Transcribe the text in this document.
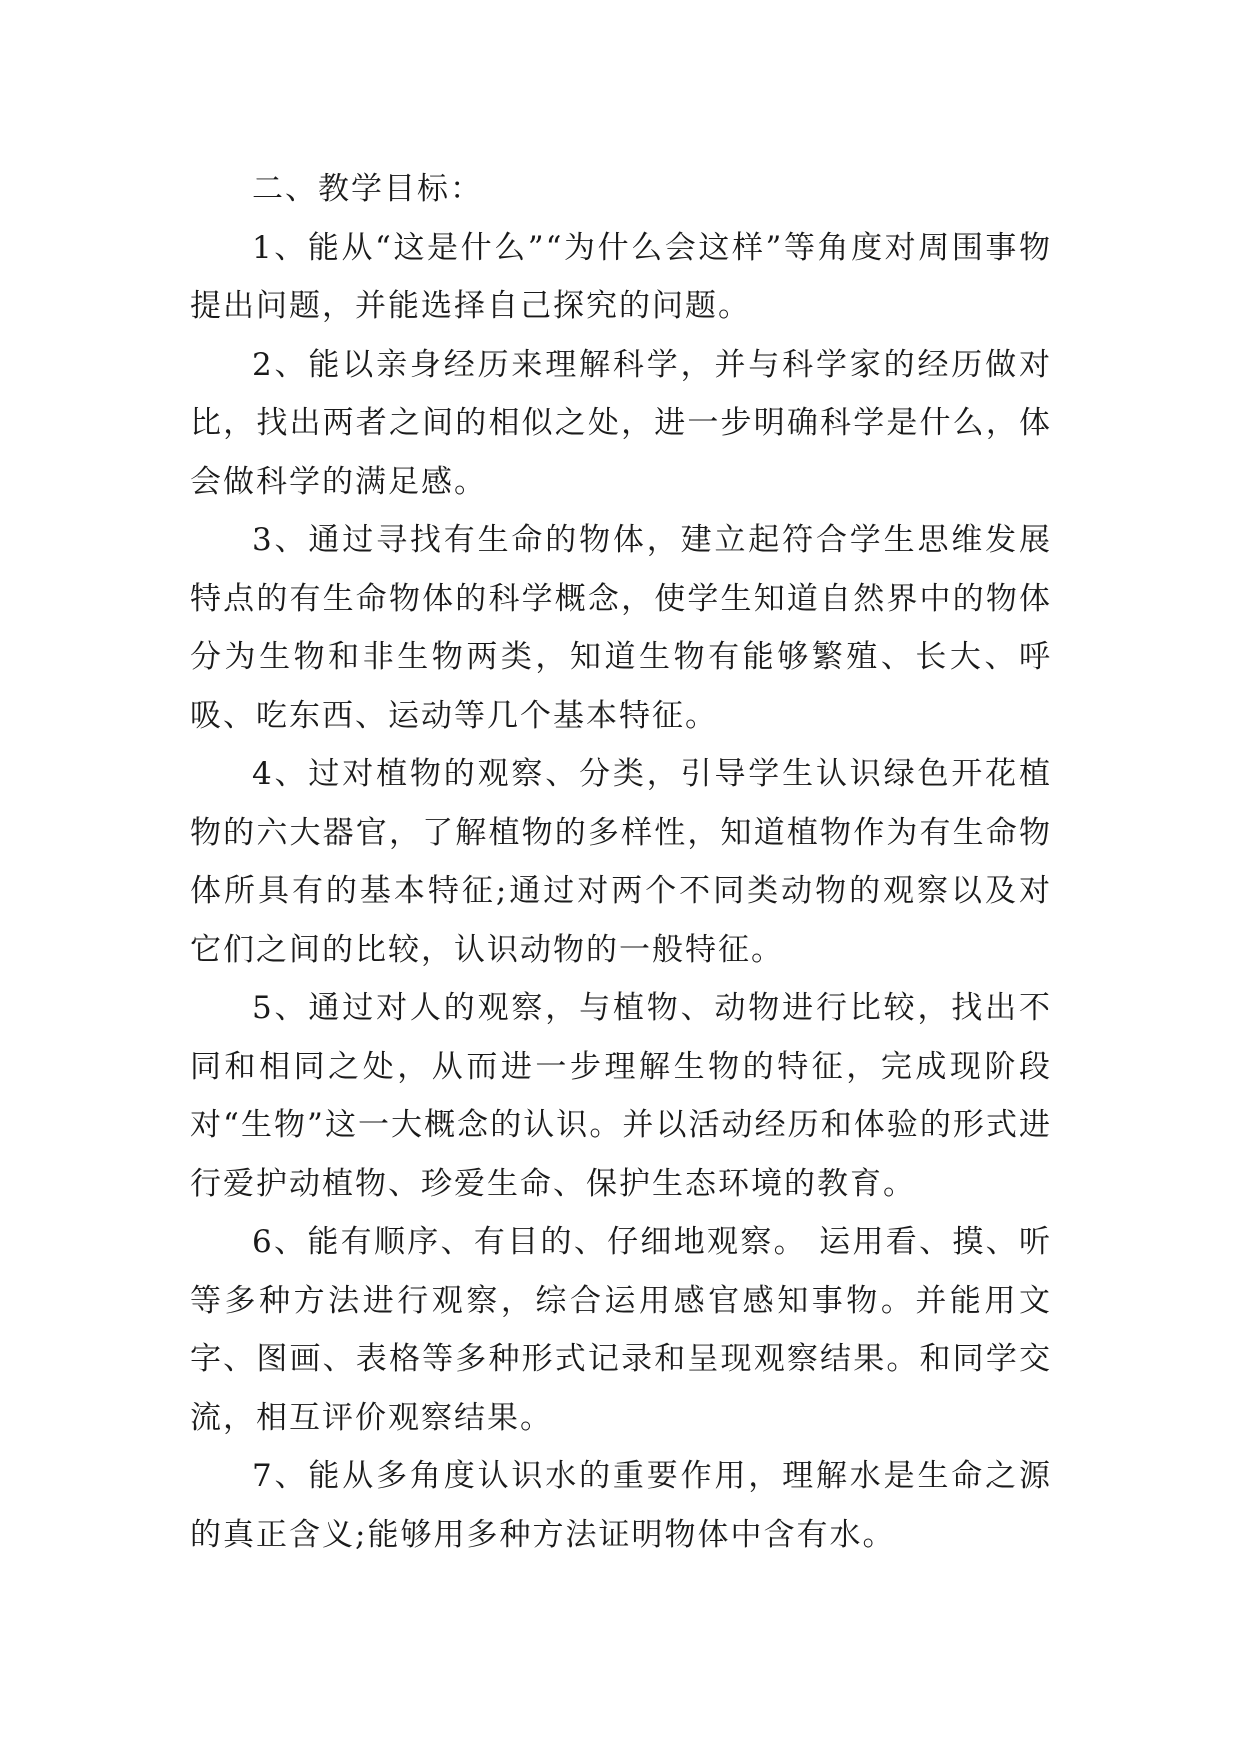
二、教学目标：

1、能从“这是什么”“为什么会这样”等角度对周围事物提出问题，并能选择自己探究的问题。

2、能以亲身经历来理解科学，并与科学家的经历做对比，找出两者之间的相似之处，进一步明确科学是什么，体会做科学的满足感。

3、通过寻找有生命的物体，建立起符合学生思维发展特点的有生命物体的科学概念，使学生知道自然界中的物体分为生物和非生物两类，知道生物有能够繁殖、长大、呼吸、吃东西、运动等几个基本特征。

4、过对植物的观察、分类，引导学生认识绿色开花植物的六大器官，了解植物的多样性，知道植物作为有生命物体所具有的基本特征;通过对两个不同类动物的观察以及对它们之间的比较，认识动物的一般特征。

5、通过对人的观察，与植物、动物进行比较，找出不同和相同之处，从而进一步理解生物的特征，完成现阶段对“生物”这一大概念的认识。并以活动经历和体验的形式进行爱护动植物、珍爱生命、保护生态环境的教育。

6、能有顺序、有目的、仔细地观察。 运用看、摸、听等多种方法进行观察，综合运用感官感知事物。并能用文字、图画、表格等多种形式记录和呈现观察结果。和同学交流，相互评价观察结果。

7、能从多角度认识水的重要作用，理解水是生命之源的真正含义;能够用多种方法证明物体中含有水。
